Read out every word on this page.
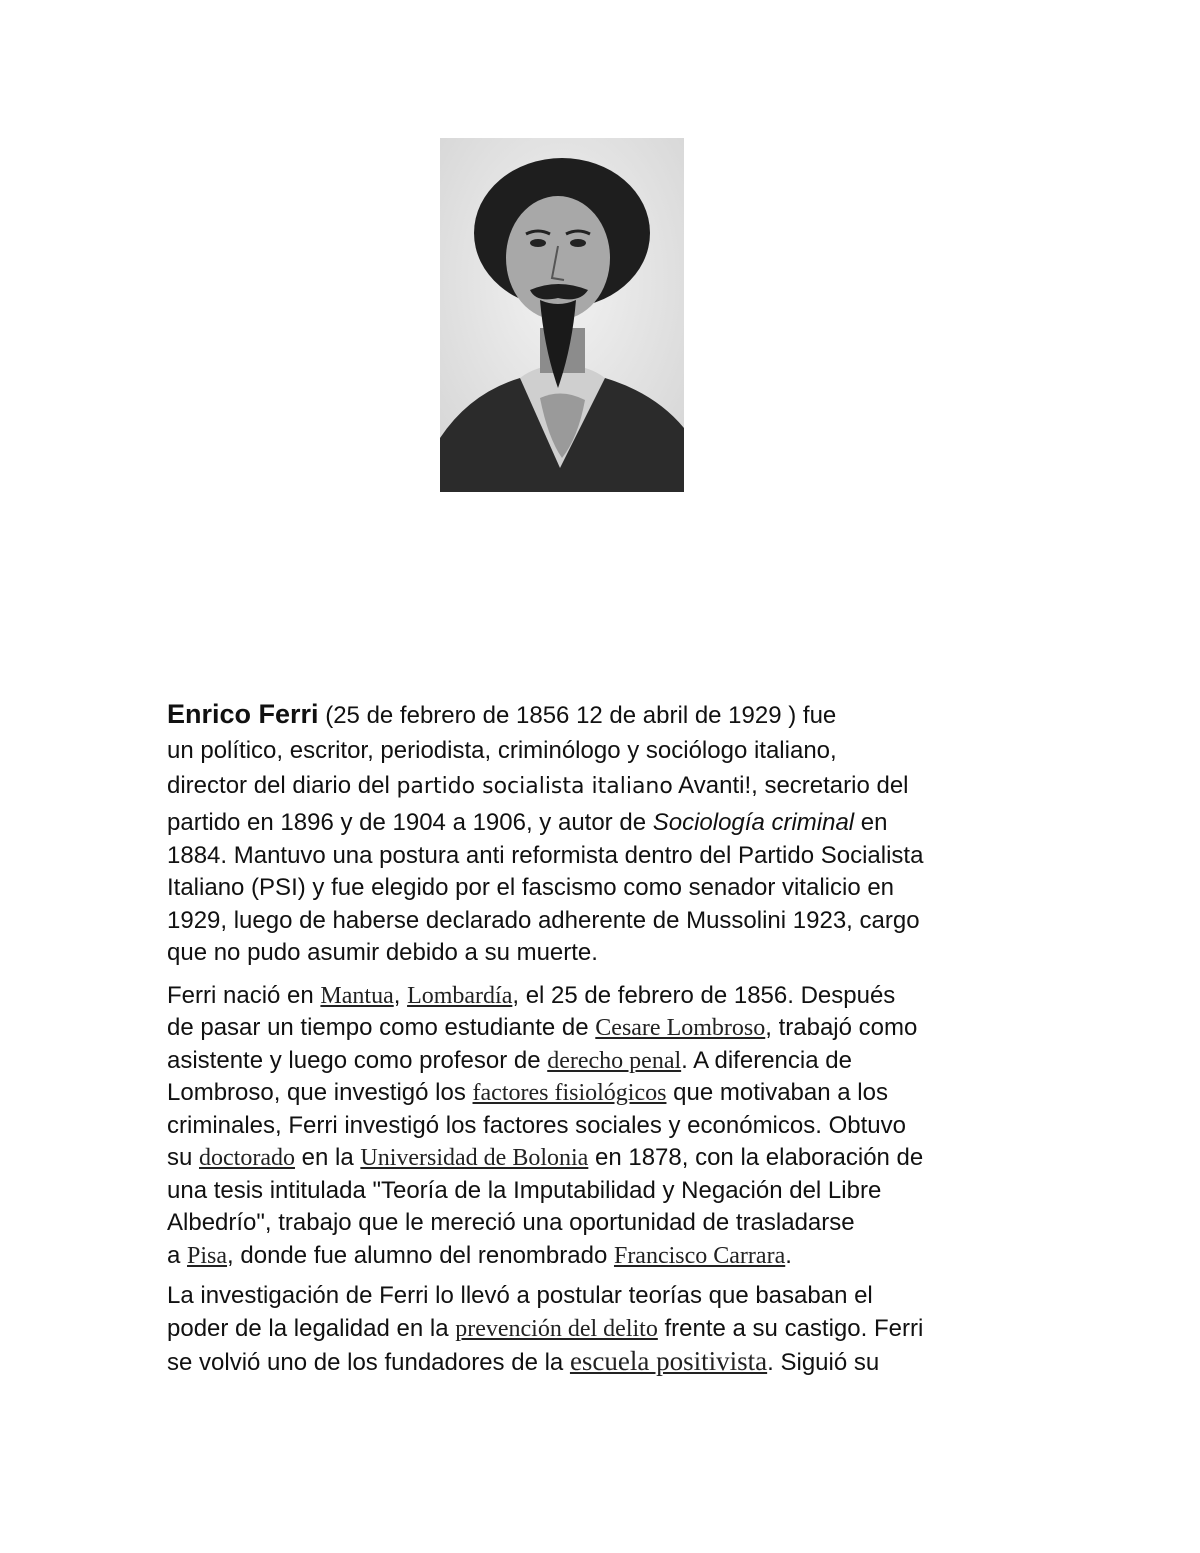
Enrico Ferri (25 de febrero de 1856 12 de abril de 1929 ) fue
un político, escritor, periodista, criminólogo y sociólogo italiano,
director del diario del partido socialista italiano Avanti!, secretario del
partido en 1896 y de 1904 a 1906, y autor de Sociología criminal en
1884. Mantuvo una postura anti reformista dentro del Partido Socialista
Italiano (PSI) y fue elegido por el fascismo como senador vitalicio en
1929, luego de haberse declarado adherente de Mussolini 1923, cargo
que no pudo asumir debido a su muerte.

Ferri nació en Mantua, Lombardía, el 25 de febrero de 1856. Después
de pasar un tiempo como estudiante de Cesare Lombroso, trabajó como
asistente y luego como profesor de derecho penal. A diferencia de
Lombroso, que investigó los factores fisiológicos que motivaban a los
criminales, Ferri investigó los factores sociales y económicos. Obtuvo
su doctorado en la Universidad de Bolonia en 1878, con la elaboración de
una tesis intitulada "Teoría de la Imputabilidad y Negación del Libre
Albedrío", trabajo que le mereció una oportunidad de trasladarse
a Pisa, donde fue alumno del renombrado Francisco Carrara.

La investigación de Ferri lo llevó a postular teorías que basaban el
poder de la legalidad en la prevención del delito frente a su castigo. Ferri
se volvió uno de los fundadores de la escuela positivista. Siguió su
